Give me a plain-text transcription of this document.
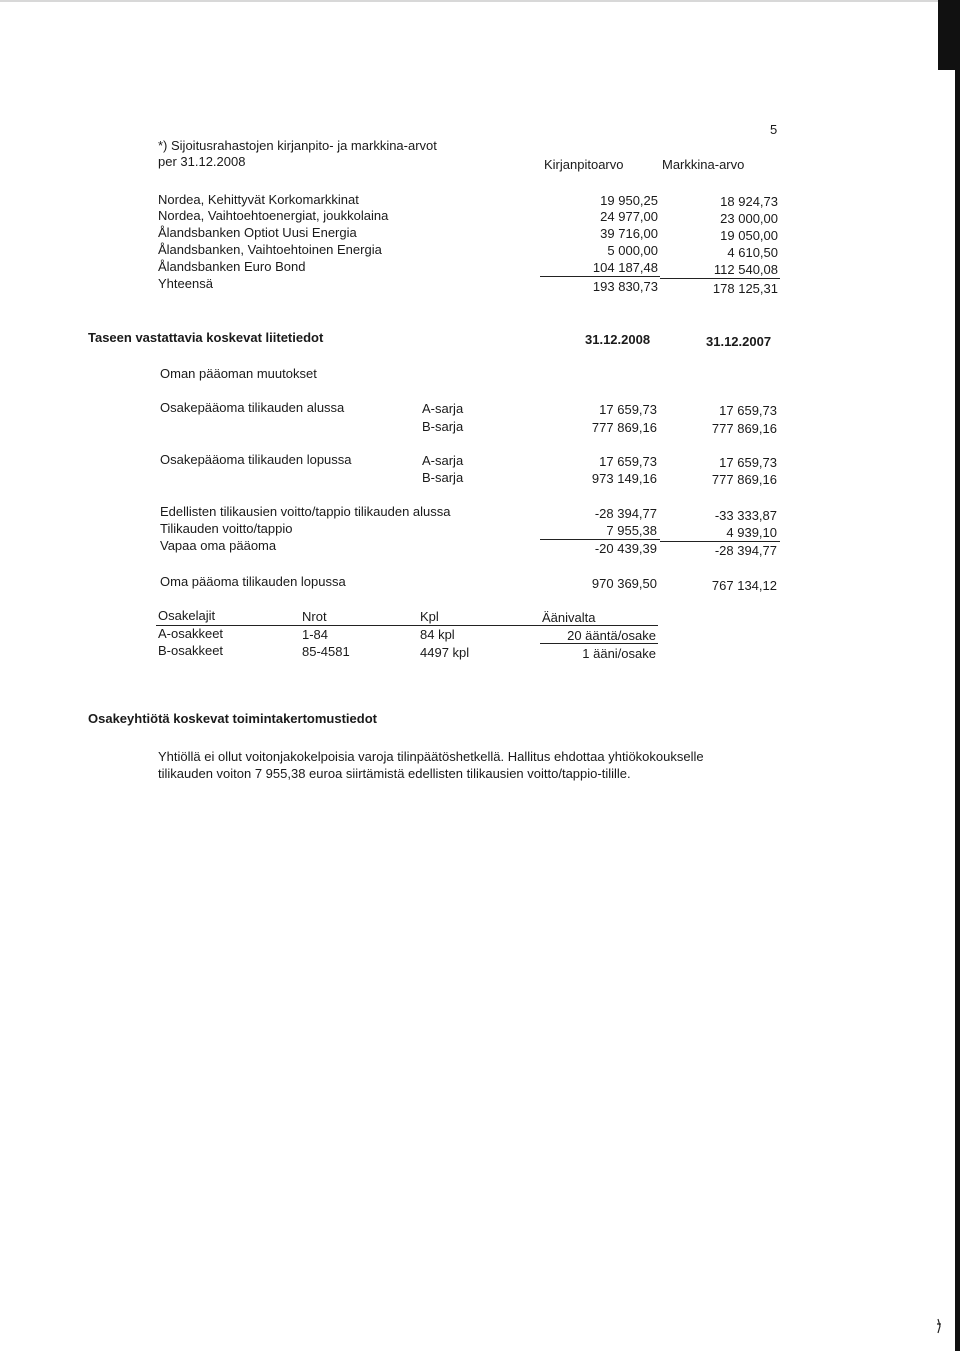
5
*) Sijoitusrahastojen kirjanpito- ja markkina-arvot
per 31.12.2008	Kirjanpitoarvo	Markkina-arvo
Nordea, Kehittyvät Korkomarkkinat	19 950,25	18 924,73
Nordea, Vaihtoehtoenergiat, joukkolaina	24 977,00	23 000,00
Ålandsbanken Optiot Uusi Energia	39 716,00	19 050,00
Ålandsbanken, Vaihtoehtoinen Energia	5 000,00	4 610,50
Ålandsbanken Euro Bond	104 187,48	112 540,08
Yhteensä	193 830,73	178 125,31
Taseen vastattavia koskevat liitetiedot	31.12.2008	31.12.2007
Oman pääoman muutokset
Osakepääoma tilikauden alussa	A-sarja	17 659,73	17 659,73
B-sarja	777 869,16	777 869,16
Osakepääoma tilikauden lopussa	A-sarja	17 659,73	17 659,73
B-sarja	973 149,16	777 869,16
Edellisten tilikausien voitto/tappio tilikauden alussa	-28 394,77	-33 333,87
Tilikauden voitto/tappio	7 955,38	4 939,10
Vapaa oma pääoma	-20 439,39	-28 394,77
Oma pääoma tilikauden lopussa	970 369,50	767 134,12
Osakelajit	Nrot	Kpl	Äänivalta
A-osakkeet	1-84	84 kpl	20 ääntä/osake
B-osakkeet	85-4581	4497 kpl	1 ääni/osake
Osakeyhtiötä koskevat toimintakertomustiedot
Yhtiöllä ei ollut voitonjakokelpoisia varoja tilinpäätöshetkellä. Hallitus ehdottaa yhtiökokoukselle
tilikauden voiton 7 955,38 euroa siirtämistä edellisten tilikausien voitto/tappio-tilille.
